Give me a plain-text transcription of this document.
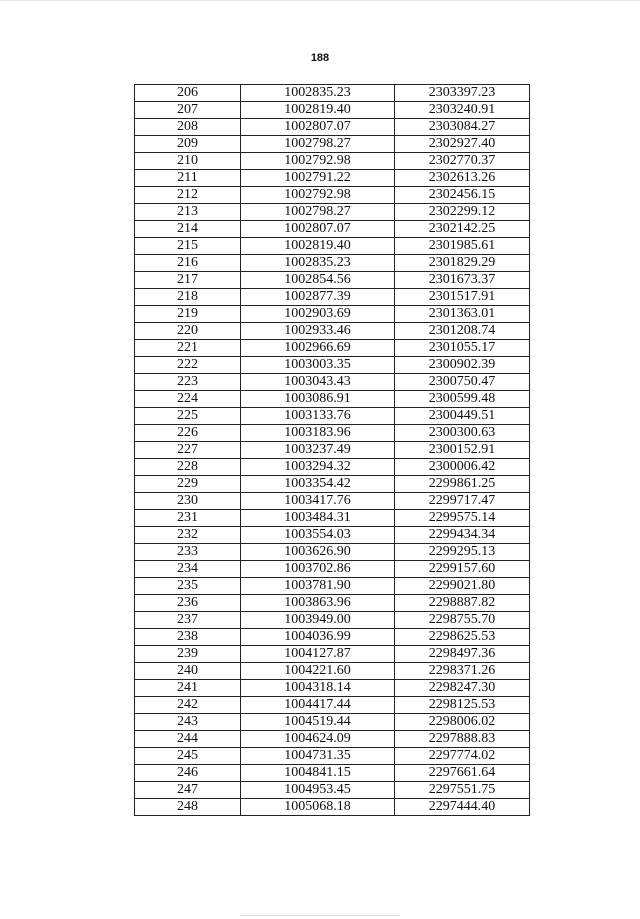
188
206	1002835.23	2303397.23
207	1002819.40	2303240.91
208	1002807.07	2303084.27
209	1002798.27	2302927.40
210	1002792.98	2302770.37
211	1002791.22	2302613.26
212	1002792.98	2302456.15
213	1002798.27	2302299.12
214	1002807.07	2302142.25
215	1002819.40	2301985.61
216	1002835.23	2301829.29
217	1002854.56	2301673.37
218	1002877.39	2301517.91
219	1002903.69	2301363.01
220	1002933.46	2301208.74
221	1002966.69	2301055.17
222	1003003.35	2300902.39
223	1003043.43	2300750.47
224	1003086.91	2300599.48
225	1003133.76	2300449.51
226	1003183.96	2300300.63
227	1003237.49	2300152.91
228	1003294.32	2300006.42
229	1003354.42	2299861.25
230	1003417.76	2299717.47
231	1003484.31	2299575.14
232	1003554.03	2299434.34
233	1003626.90	2299295.13
234	1003702.86	2299157.60
235	1003781.90	2299021.80
236	1003863.96	2298887.82
237	1003949.00	2298755.70
238	1004036.99	2298625.53
239	1004127.87	2298497.36
240	1004221.60	2298371.26
241	1004318.14	2298247.30
242	1004417.44	2298125.53
243	1004519.44	2298006.02
244	1004624.09	2297888.83
245	1004731.35	2297774.02
246	1004841.15	2297661.64
247	1004953.45	2297551.75
248	1005068.18	2297444.40
